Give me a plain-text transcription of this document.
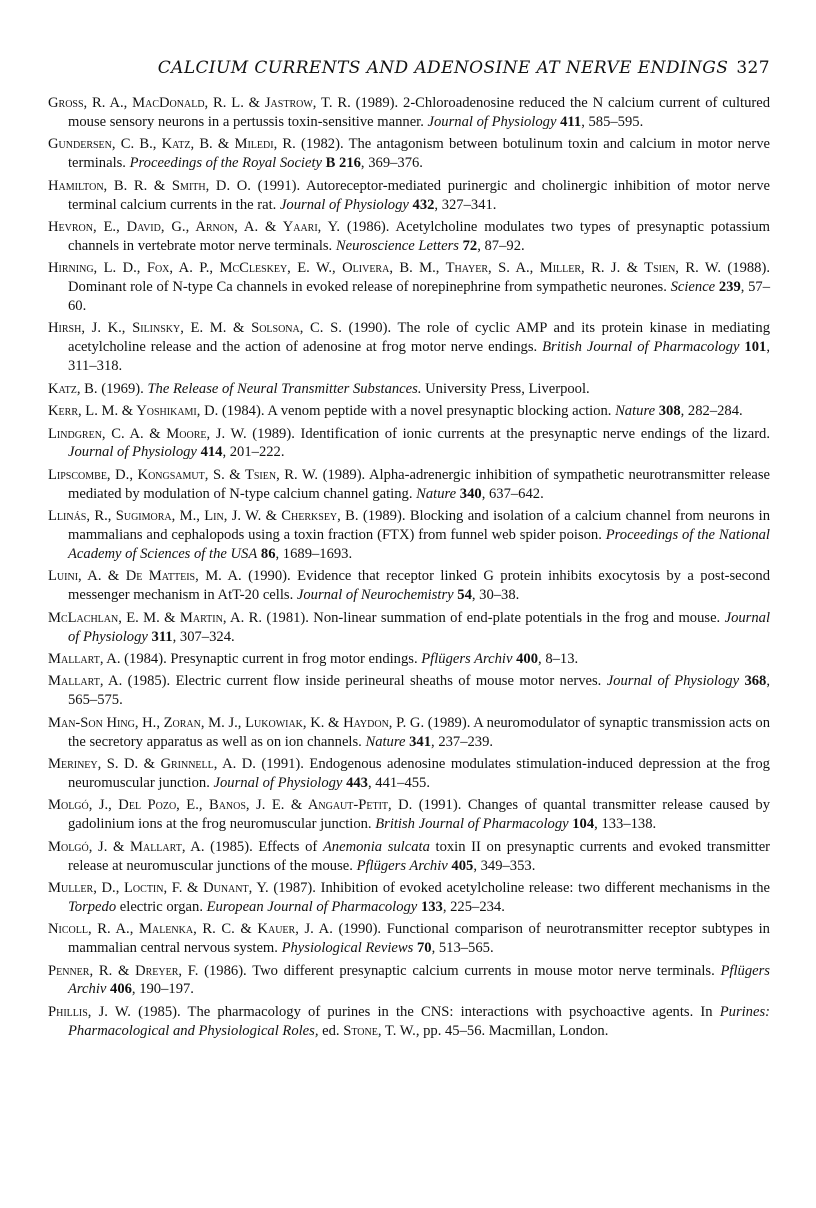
CALCIUM CURRENTS AND ADENOSINE AT NERVE ENDINGS 327
Gross, R. A., MacDonald, R. L. & Jastrow, T. R. (1989). 2-Chloroadenosine reduced the N calcium current of cultured mouse sensory neurons in a pertussis toxin-sensitive manner. Journal of Physiology 411, 585–595.
Gundersen, C. B., Katz, B. & Miledi, R. (1982). The antagonism between botulinum toxin and calcium in motor nerve terminals. Proceedings of the Royal Society B 216, 369–376.
Hamilton, B. R. & Smith, D. O. (1991). Autoreceptor-mediated purinergic and cholinergic inhibition of motor nerve terminal calcium currents in the rat. Journal of Physiology 432, 327–341.
Hevron, E., David, G., Arnon, A. & Yaari, Y. (1986). Acetylcholine modulates two types of presynaptic potassium channels in vertebrate motor nerve terminals. Neuroscience Letters 72, 87–92.
Hirning, L. D., Fox, A. P., McCleskey, E. W., Olivera, B. M., Thayer, S. A., Miller, R. J. & Tsien, R. W. (1988). Dominant role of N-type Ca channels in evoked release of norepinephrine from sympathetic neurones. Science 239, 57–60.
Hirsh, J. K., Silinsky, E. M. & Solsona, C. S. (1990). The role of cyclic AMP and its protein kinase in mediating acetylcholine release and the action of adenosine at frog motor nerve endings. British Journal of Pharmacology 101, 311–318.
Katz, B. (1969). The Release of Neural Transmitter Substances. University Press, Liverpool.
Kerr, L. M. & Yoshikami, D. (1984). A venom peptide with a novel presynaptic blocking action. Nature 308, 282–284.
Lindgren, C. A. & Moore, J. W. (1989). Identification of ionic currents at the presynaptic nerve endings of the lizard. Journal of Physiology 414, 201–222.
Lipscombe, D., Kongsamut, S. & Tsien, R. W. (1989). Alpha-adrenergic inhibition of sympathetic neurotransmitter release mediated by modulation of N-type calcium channel gating. Nature 340, 637–642.
Llinás, R., Sugimora, M., Lin, J. W. & Cherksey, B. (1989). Blocking and isolation of a calcium channel from neurons in mammalians and cephalopods using a toxin fraction (FTX) from funnel web spider poison. Proceedings of the National Academy of Sciences of the USA 86, 1689–1693.
Luini, A. & De Matteis, M. A. (1990). Evidence that receptor linked G protein inhibits exocytosis by a post-second messenger mechanism in AtT-20 cells. Journal of Neurochemistry 54, 30–38.
McLachlan, E. M. & Martin, A. R. (1981). Non-linear summation of end-plate potentials in the frog and mouse. Journal of Physiology 311, 307–324.
Mallart, A. (1984). Presynaptic current in frog motor endings. Pflügers Archiv 400, 8–13.
Mallart, A. (1985). Electric current flow inside perineural sheaths of mouse motor nerves. Journal of Physiology 368, 565–575.
Man-Son Hing, H., Zoran, M. J., Lukowiak, K. & Haydon, P. G. (1989). A neuromodulator of synaptic transmission acts on the secretory apparatus as well as on ion channels. Nature 341, 237–239.
Meriney, S. D. & Grinnell, A. D. (1991). Endogenous adenosine modulates stimulation-induced depression at the frog neuromuscular junction. Journal of Physiology 443, 441–455.
Molgó, J., Del Pozo, E., Banos, J. E. & Angaut-Petit, D. (1991). Changes of quantal transmitter release caused by gadolinium ions at the frog neuromuscular junction. British Journal of Pharmacology 104, 133–138.
Molgó, J. & Mallart, A. (1985). Effects of Anemonia sulcata toxin II on presynaptic currents and evoked transmitter release at neuromuscular junctions of the mouse. Pflügers Archiv 405, 349–353.
Muller, D., Loctin, F. & Dunant, Y. (1987). Inhibition of evoked acetylcholine release: two different mechanisms in the Torpedo electric organ. European Journal of Pharmacology 133, 225–234.
Nicoll, R. A., Malenka, R. C. & Kauer, J. A. (1990). Functional comparison of neurotransmitter receptor subtypes in mammalian central nervous system. Physiological Reviews 70, 513–565.
Penner, R. & Dreyer, F. (1986). Two different presynaptic calcium currents in mouse motor nerve terminals. Pflügers Archiv 406, 190–197.
Phillis, J. W. (1985). The pharmacology of purines in the CNS: interactions with psychoactive agents. In Purines: Pharmacological and Physiological Roles, ed. Stone, T. W., pp. 45–56. Macmillan, London.
